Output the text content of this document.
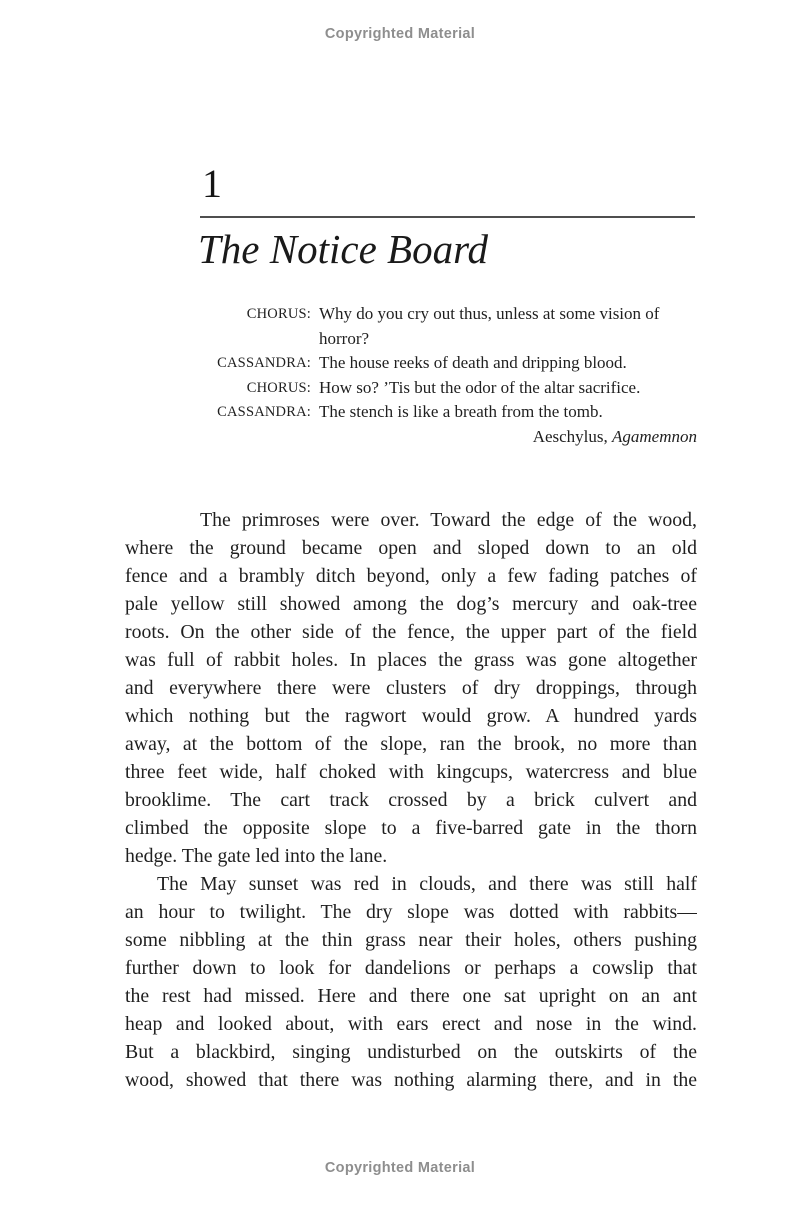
Copyrighted Material
1
The Notice Board
CHORUS: Why do you cry out thus, unless at some vision of
horror?
CASSANDRA: The house reeks of death and dripping blood.
CHORUS: How so? ’Tis but the odor of the altar sacrifice.
CASSANDRA: The stench is like a breath from the tomb.
Aeschylus, Agamemnon
The primroses were over. Toward the edge of the wood,
where the ground became open and sloped down to an old
fence and a brambly ditch beyond, only a few fading patches of
pale yellow still showed among the dog’s mercury and oak-tree
roots. On the other side of the fence, the upper part of the field
was full of rabbit holes. In places the grass was gone altogether
and everywhere there were clusters of dry droppings, through
which nothing but the ragwort would grow. A hundred yards
away, at the bottom of the slope, ran the brook, no more than
three feet wide, half choked with kingcups, watercress and blue
brooklime. The cart track crossed by a brick culvert and
climbed the opposite slope to a five-barred gate in the thorn
hedge. The gate led into the lane.
The May sunset was red in clouds, and there was still half
an hour to twilight. The dry slope was dotted with rabbits—
some nibbling at the thin grass near their holes, others pushing
further down to look for dandelions or perhaps a cowslip that
the rest had missed. Here and there one sat upright on an ant
heap and looked about, with ears erect and nose in the wind.
But a blackbird, singing undisturbed on the outskirts of the
wood, showed that there was nothing alarming there, and in the
Copyrighted Material
